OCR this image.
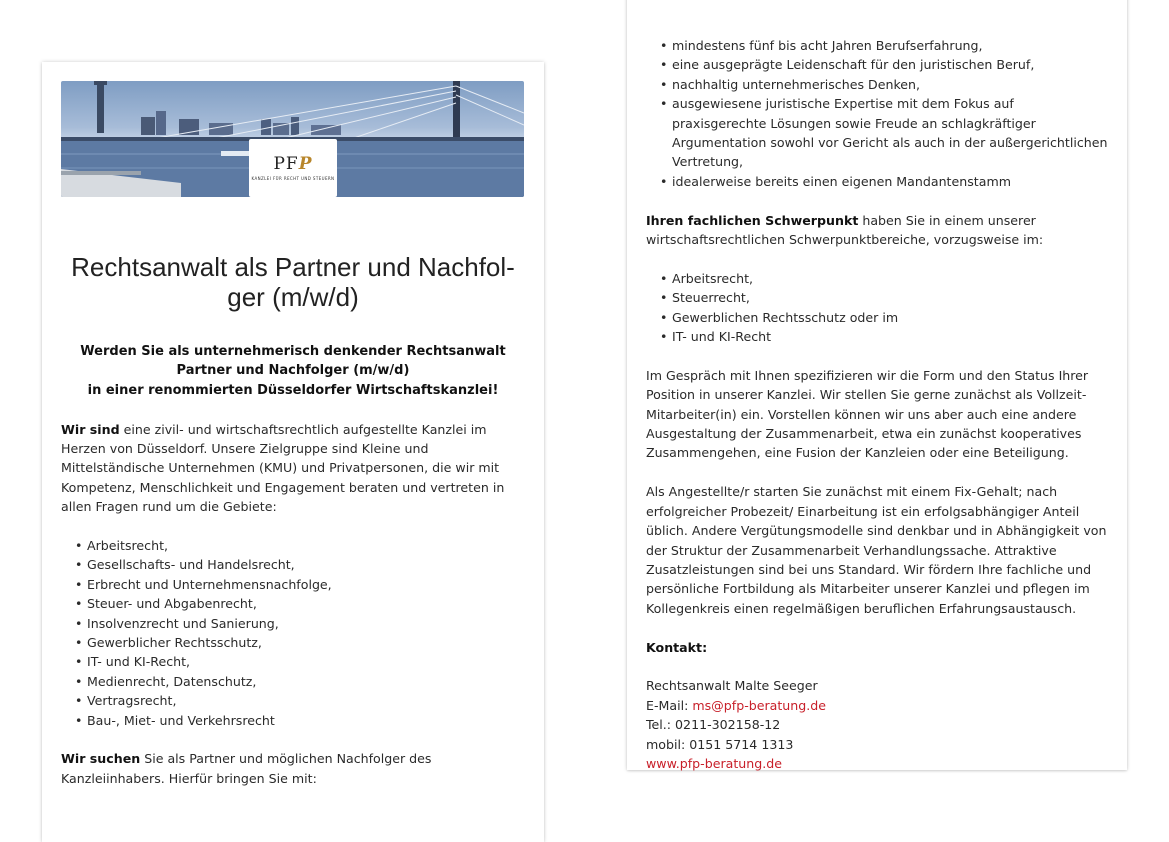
PFP
KANZLEI FÜR RECHT UND STEUERN
Rechtsanwalt als Partner und Nachfol-
ger (m/w/d)
Werden Sie als unternehmerisch denkender Rechtsanwalt
Partner und Nachfolger (m/w/d)
in einer renommierten Düsseldorfer Wirtschaftskanzlei!

Wir sind eine zivil- und wirtschaftsrechtlich aufgestellte Kanzlei im Herzen von Düsseldorf. Unsere Zielgruppe sind Kleine und Mittelständische Unternehmen (KMU) und Privatpersonen, die wir mit Kompetenz, Menschlichkeit und Engagement beraten und vertreten in allen Fragen rund um die Gebiete:

• Arbeitsrecht,
• Gesellschafts- und Handelsrecht,
• Erbrecht und Unternehmensnachfolge,
• Steuer- und Abgabenrecht,
• Insolvenzrecht und Sanierung,
• Gewerblicher Rechtsschutz,
• IT- und KI-Recht,
• Medienrecht, Datenschutz,
• Vertragsrecht,
• Bau-, Miet- und Verkehrsrecht

Wir suchen Sie als Partner und möglichen Nachfolger des Kanzleiinhabers. Hierfür bringen Sie mit:

• mindestens fünf bis acht Jahren Berufserfahrung,
• eine ausgeprägte Leidenschaft für den juristischen Beruf,
• nachhaltig unternehmerisches Denken,
• ausgewiesene juristische Expertise mit dem Fokus auf praxisgerechte Lösungen sowie Freude an schlagkräftiger Argumentation sowohl vor Gericht als auch in der außergerichtlichen Vertretung,
• idealerweise bereits einen eigenen Mandantenstamm

Ihren fachlichen Schwerpunkt haben Sie in einem unserer wirtschaftsrechtlichen Schwerpunktbereiche, vorzugsweise im:

• Arbeitsrecht,
• Steuerrecht,
• Gewerblichen Rechtsschutz oder im
• IT- und KI-Recht

Im Gespräch mit Ihnen spezifizieren wir die Form und den Status Ihrer Position in unserer Kanzlei. Wir stellen Sie gerne zunächst als Vollzeit-Mitarbeiter(in) ein. Vorstellen können wir uns aber auch eine andere Ausgestaltung der Zusammenarbeit, etwa ein zunächst kooperatives Zusammengehen, eine Fusion der Kanzleien oder eine Beteiligung.

Als Angestellte/r starten Sie zunächst mit einem Fix-Gehalt; nach erfolgreicher Probezeit/ Einarbeitung ist ein erfolgsabhängiger Anteil üblich. Andere Vergütungsmodelle sind denkbar und in Abhängigkeit von der Struktur der Zusammenarbeit Verhandlungssache. Attraktive Zusatzleistungen sind bei uns Standard. Wir fördern Ihre fachliche und persönliche Fortbildung als Mitarbeiter unserer Kanzlei und pflegen im Kollegenkreis einen regelmäßigen beruflichen Erfahrungsaustausch.

Kontakt:

Rechtsanwalt Malte Seeger

E-Mail: ms@pfp-beratung.de

Tel.: 0211-302158-12

mobil: 0151 5714 1313

www.pfp-beratung.de
